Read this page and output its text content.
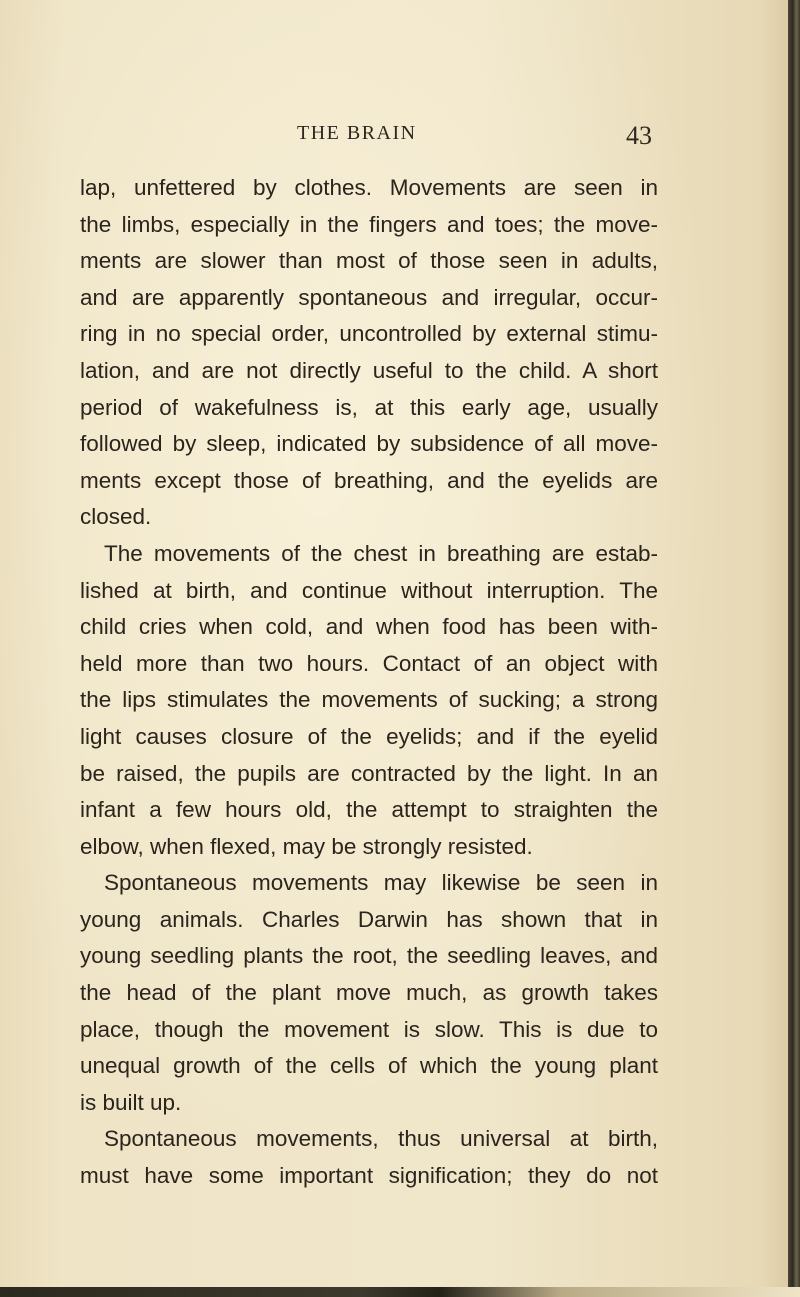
THE BRAIN	43
lap, unfettered by clothes. Movements are seen in
the limbs, especially in the fingers and toes; the move-
ments are slower than most of those seen in adults,
and are apparently spontaneous and irregular, occur-
ring in no special order, uncontrolled by external stimu-
lation, and are not directly useful to the child. A short
period of wakefulness is, at this early age, usually
followed by sleep, indicated by subsidence of all move-
ments except those of breathing, and the eyelids are
closed.
The movements of the chest in breathing are estab-
lished at birth, and continue without interruption. The
child cries when cold, and when food has been with-
held more than two hours. Contact of an object with
the lips stimulates the movements of sucking; a strong
light causes closure of the eyelids; and if the eyelid
be raised, the pupils are contracted by the light. In an
infant a few hours old, the attempt to straighten the
elbow, when flexed, may be strongly resisted.
Spontaneous movements may likewise be seen in
young animals. Charles Darwin has shown that in
young seedling plants the root, the seedling leaves, and
the head of the plant move much, as growth takes
place, though the movement is slow. This is due to
unequal growth of the cells of which the young plant
is built up.
Spontaneous movements, thus universal at birth,
must have some important signification; they do not
